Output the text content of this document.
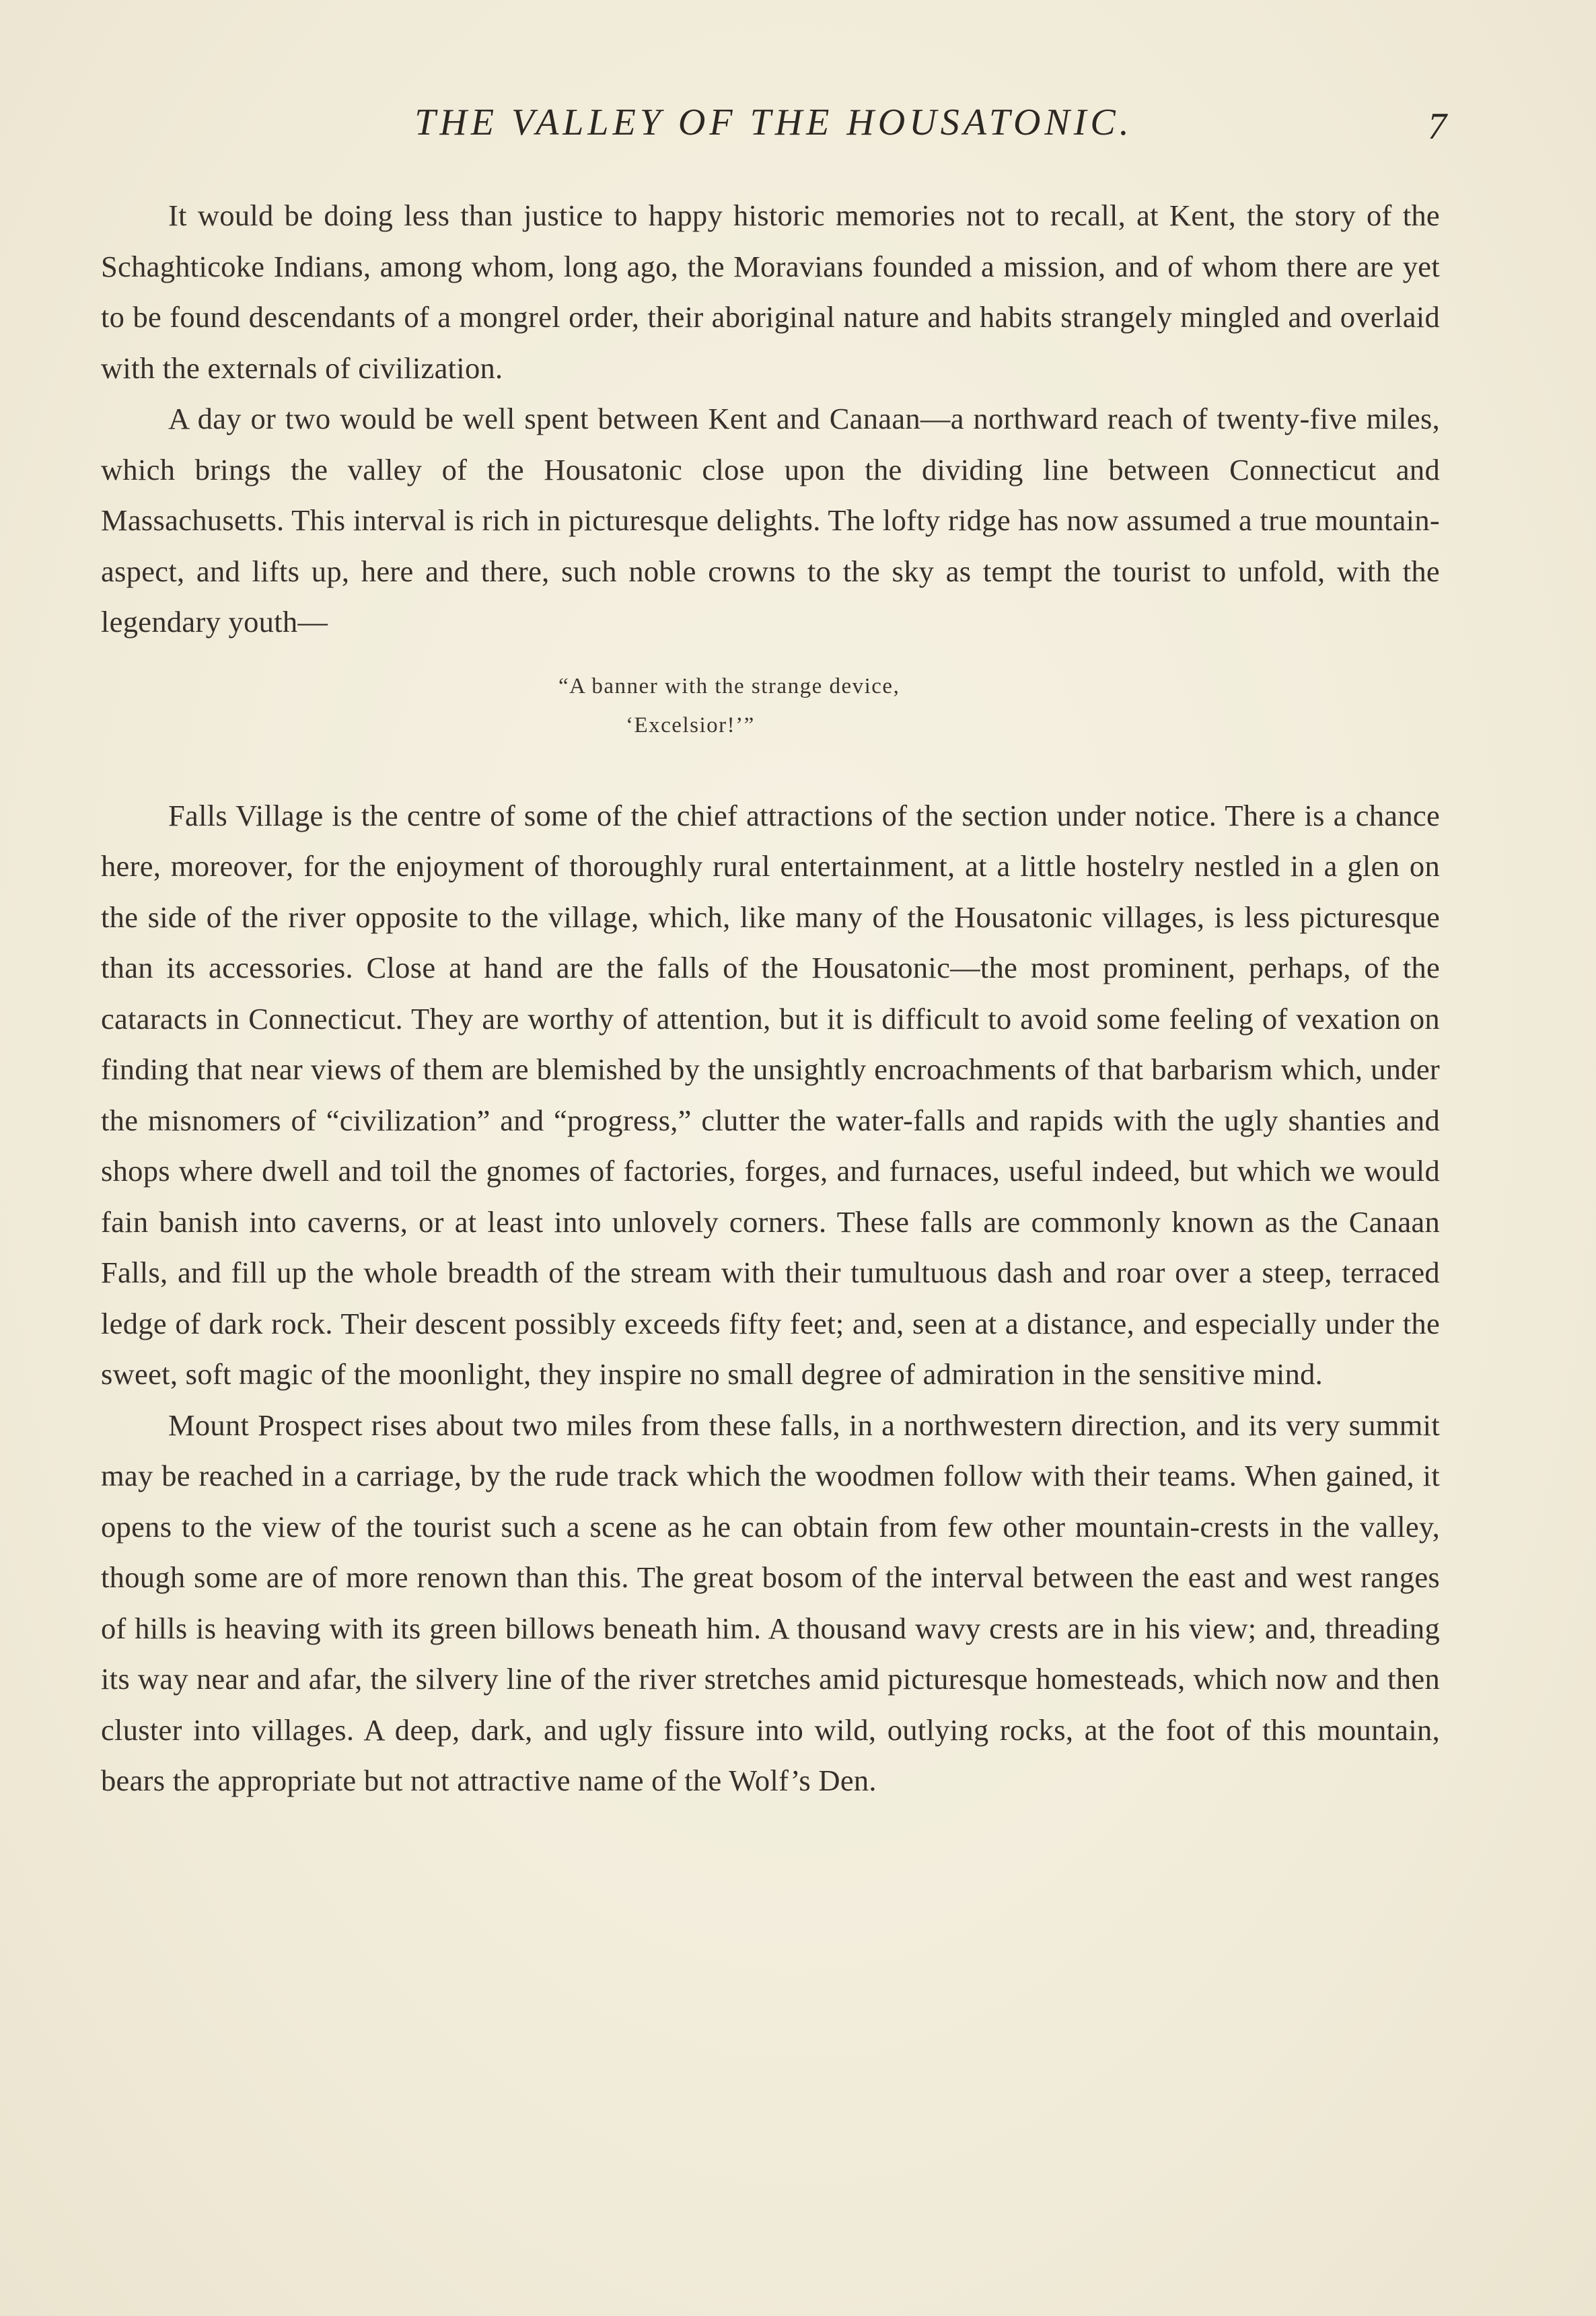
THE VALLEY OF THE HOUSATONIC.	7

It would be doing less than justice to happy historic memories not to recall, at Kent, the story of the Schaghticoke Indians, among whom, long ago, the Moravians founded a mission, and of whom there are yet to be found descendants of a mongrel order, their aboriginal nature and habits strangely mingled and overlaid with the externals of civilization.

A day or two would be well spent between Kent and Canaan—a northward reach of twenty-five miles, which brings the valley of the Housatonic close upon the dividing line between Connecticut and Massachusetts. This interval is rich in picturesque delights. The lofty ridge has now assumed a true mountain-aspect, and lifts up, here and there, such noble crowns to the sky as tempt the tourist to unfold, with the legendary youth—

“A banner with the strange device,
‘Excelsior!’”

Falls Village is the centre of some of the chief attractions of the section under notice. There is a chance here, moreover, for the enjoyment of thoroughly rural entertainment, at a little hostelry nestled in a glen on the side of the river opposite to the village, which, like many of the Housatonic villages, is less picturesque than its accessories. Close at hand are the falls of the Housatonic—the most prominent, perhaps, of the cataracts in Connecticut. They are worthy of attention, but it is difficult to avoid some feeling of vexation on finding that near views of them are blemished by the unsightly encroachments of that barbarism which, under the misnomers of “civilization” and “progress,” clutter the water-falls and rapids with the ugly shanties and shops where dwell and toil the gnomes of factories, forges, and furnaces, useful indeed, but which we would fain banish into caverns, or at least into unlovely corners. These falls are commonly known as the Canaan Falls, and fill up the whole breadth of the stream with their tumultuous dash and roar over a steep, terraced ledge of dark rock. Their descent possibly exceeds fifty feet; and, seen at a distance, and especially under the sweet, soft magic of the moonlight, they inspire no small degree of admiration in the sensitive mind.

Mount Prospect rises about two miles from these falls, in a northwestern direction, and its very summit may be reached in a carriage, by the rude track which the woodmen follow with their teams. When gained, it opens to the view of the tourist such a scene as he can obtain from few other mountain-crests in the valley, though some are of more renown than this. The great bosom of the interval between the east and west ranges of hills is heaving with its green billows beneath him. A thousand wavy crests are in his view; and, threading its way near and afar, the silvery line of the river stretches amid picturesque homesteads, which now and then cluster into villages. A deep, dark, and ugly fissure into wild, outlying rocks, at the foot of this mountain, bears the appropriate but not attractive name of the Wolf’s Den.
